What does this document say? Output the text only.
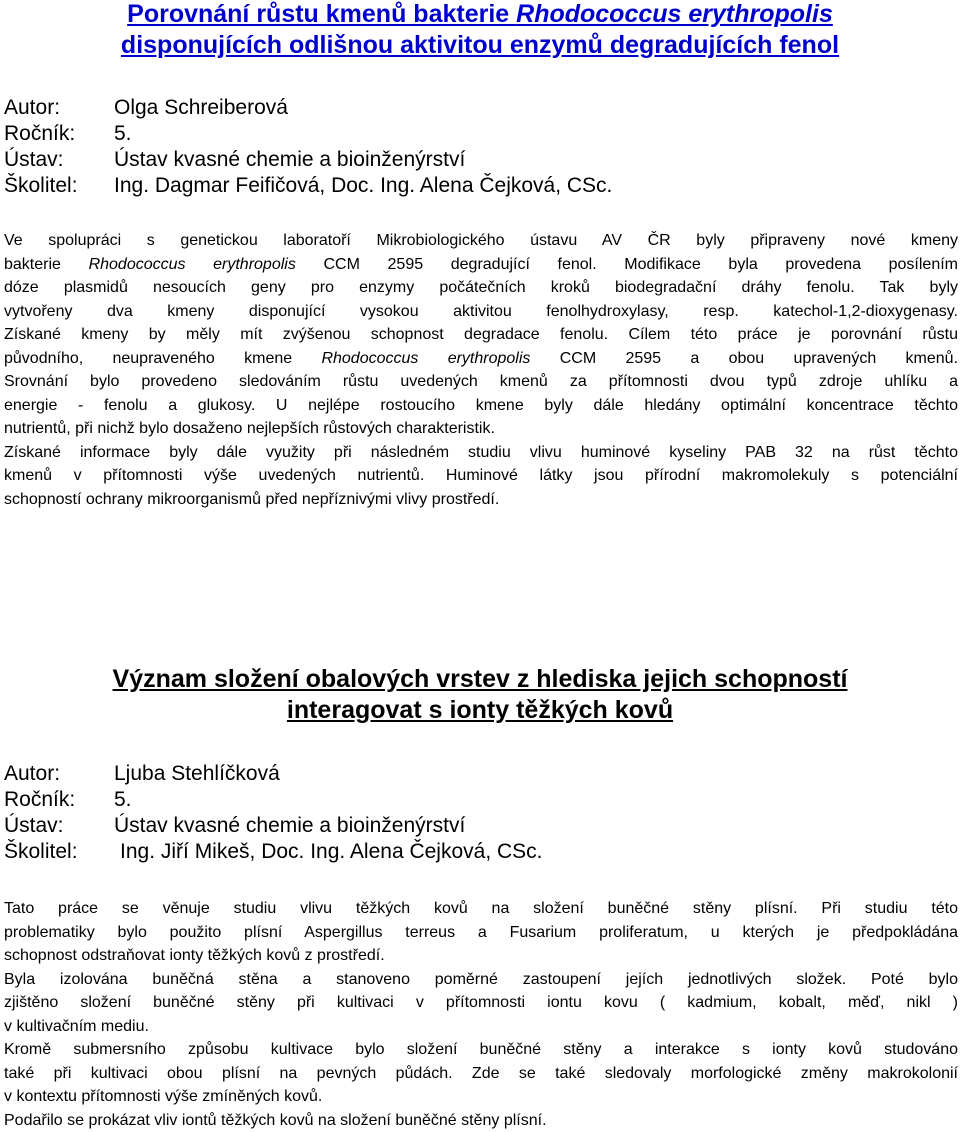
Porovnání růstu kmenů bakterie Rhodococcus erythropolis
disponujících odlišnou aktivitou enzymů degradujících fenol
Autor:	Olga Schreiberová
Ročník:	5.
Ústav:	Ústav kvasné chemie a bioinženýrství
Školitel:	Ing. Dagmar Feifičová, Doc. Ing. Alena Čejková, CSc.
Ve spolupráci s genetickou laboratoří Mikrobiologického ústavu AV ČR byly připraveny nové kmeny
bakterie Rhodococcus erythropolis CCM 2595 degradující fenol. Modifikace byla provedena posílením
dóze plasmidů nesoucích geny pro enzymy počátečních kroků biodegradační dráhy fenolu. Tak byly
vytvořeny dva kmeny disponující vysokou aktivitou fenolhydroxylasy, resp. katechol-1,2-dioxygenasy.
Získané kmeny by měly mít zvýšenou schopnost degradace fenolu. Cílem této práce je porovnání růstu
původního, neupraveného kmene Rhodococcus erythropolis CCM 2595 a obou upravených kmenů.
Srovnání bylo provedeno sledováním růstu uvedených kmenů za přítomnosti dvou typů zdroje uhlíku a
energie - fenolu a glukosy. U nejlépe rostoucího kmene byly dále hledány optimální koncentrace těchto
nutrientů, při nichž bylo dosaženo nejlepších růstových charakteristik.
Získané informace byly dále využity při následném studiu vlivu huminové kyseliny PAB 32 na růst těchto
kmenů v přítomnosti výše uvedených nutrientů. Huminové látky jsou přírodní makromolekuly s potenciální
schopností ochrany mikroorganismů před nepříznivými vlivy prostředí.
Význam složení obalových vrstev z hlediska jejich schopností
interagovat s ionty těžkých kovů
Autor:	Ljuba Stehlíčková
Ročník:	5.
Ústav:	Ústav kvasné chemie a bioinženýrství
Školitel:	Ing. Jiří Mikeš, Doc. Ing. Alena Čejková, CSc.
Tato práce se věnuje studiu vlivu těžkých kovů na složení buněčné stěny plísní. Při studiu této
problematiky bylo použito plísní Aspergillus terreus a Fusarium proliferatum, u kterých je předpokládána
schopnost odstraňovat ionty těžkých kovů z prostředí.
Byla izolována buněčná stěna a stanoveno poměrné zastoupení jejích jednotlivých složek. Poté bylo
zjištěno složení buněčné stěny při kultivaci v přítomnosti iontu kovu ( kadmium, kobalt, měď, nikl )
v kultivačním mediu.
Kromě submersního způsobu kultivace bylo složení buněčné stěny a interakce s ionty kovů studováno
také při kultivaci obou plísní na pevných půdách. Zde se také sledovaly morfologické změny makrokolonií
v kontextu přítomnosti výše zmíněných kovů.
Podařilo se prokázat vliv iontů těžkých kovů na složení buněčné stěny plísní.
